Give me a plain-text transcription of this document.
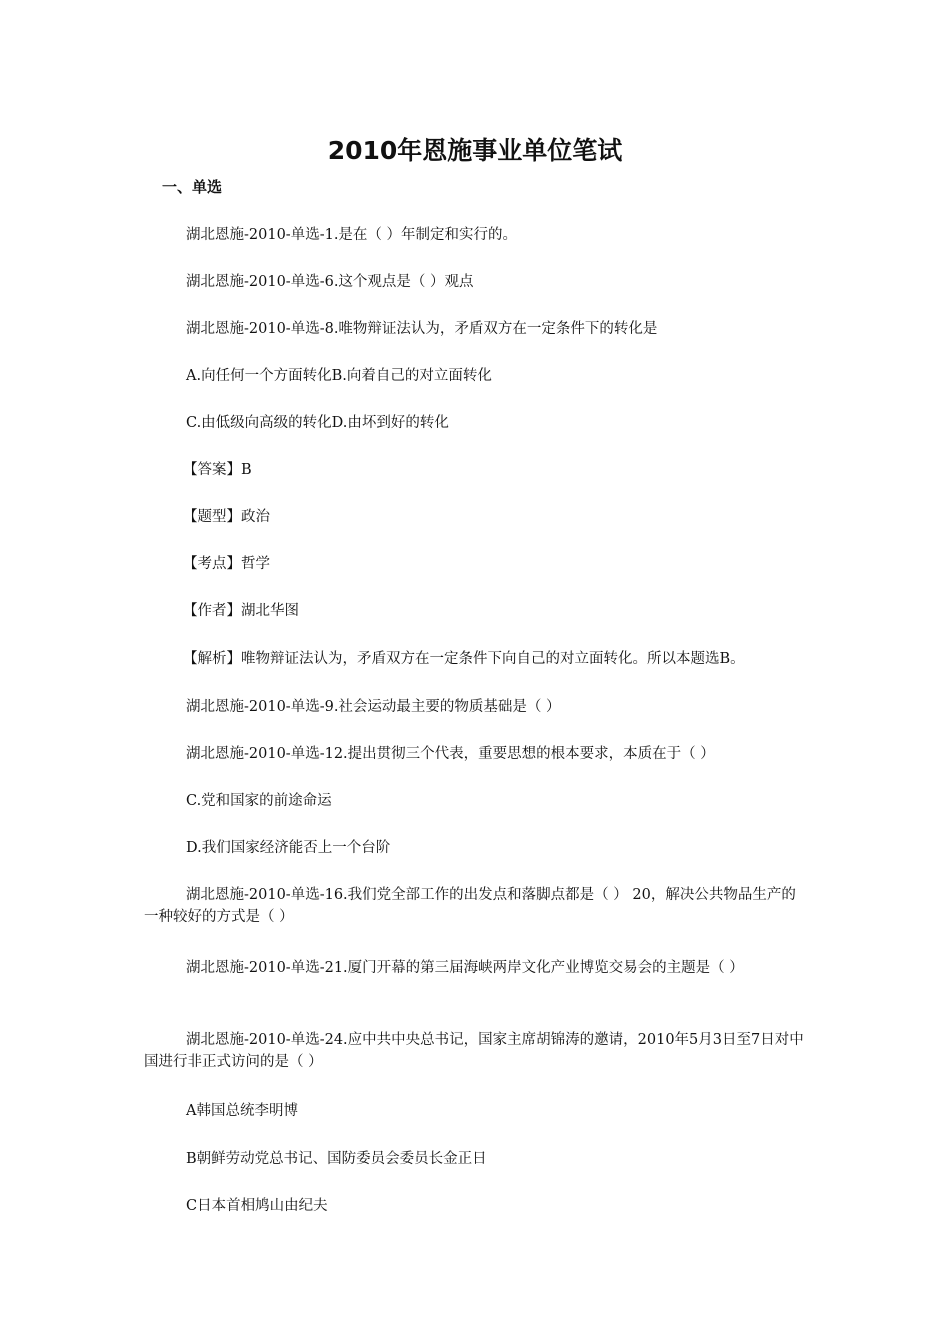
2010年恩施事业单位笔试
一、单选
湖北恩施-2010-单选-1.是在（ ）年制定和实行的。
湖北恩施-2010-单选-6.这个观点是（ ）观点
湖北恩施-2010-单选-8.唯物辩证法认为，矛盾双方在一定条件下的转化是
A.向任何一个方面转化B.向着自己的对立面转化
C.由低级向高级的转化D.由坏到好的转化
【答案】B
【题型】政治
【考点】哲学
【作者】湖北华图
【解析】唯物辩证法认为，矛盾双方在一定条件下向自己的对立面转化。所以本题选B。
湖北恩施-2010-单选-9.社会运动最主要的物质基础是（ ）
湖北恩施-2010-单选-12.提出贯彻三个代表，重要思想的根本要求，本质在于（ ）
C.党和国家的前途命运
D.我们国家经济能否上一个台阶
湖北恩施-2010-单选-16.我们党全部工作的出发点和落脚点都是（ ） 20，解决公共物品生产的一种较好的方式是（ ）
湖北恩施-2010-单选-21.厦门开幕的第三届海峡两岸文化产业博览交易会的主题是（ ）
湖北恩施-2010-单选-24.应中共中央总书记，国家主席胡锦涛的邀请，2010年5月3日至7日对中国进行非正式访问的是（ ）
A韩国总统李明博
B朝鲜劳动党总书记、国防委员会委员长金正日
C日本首相鸠山由纪夫
